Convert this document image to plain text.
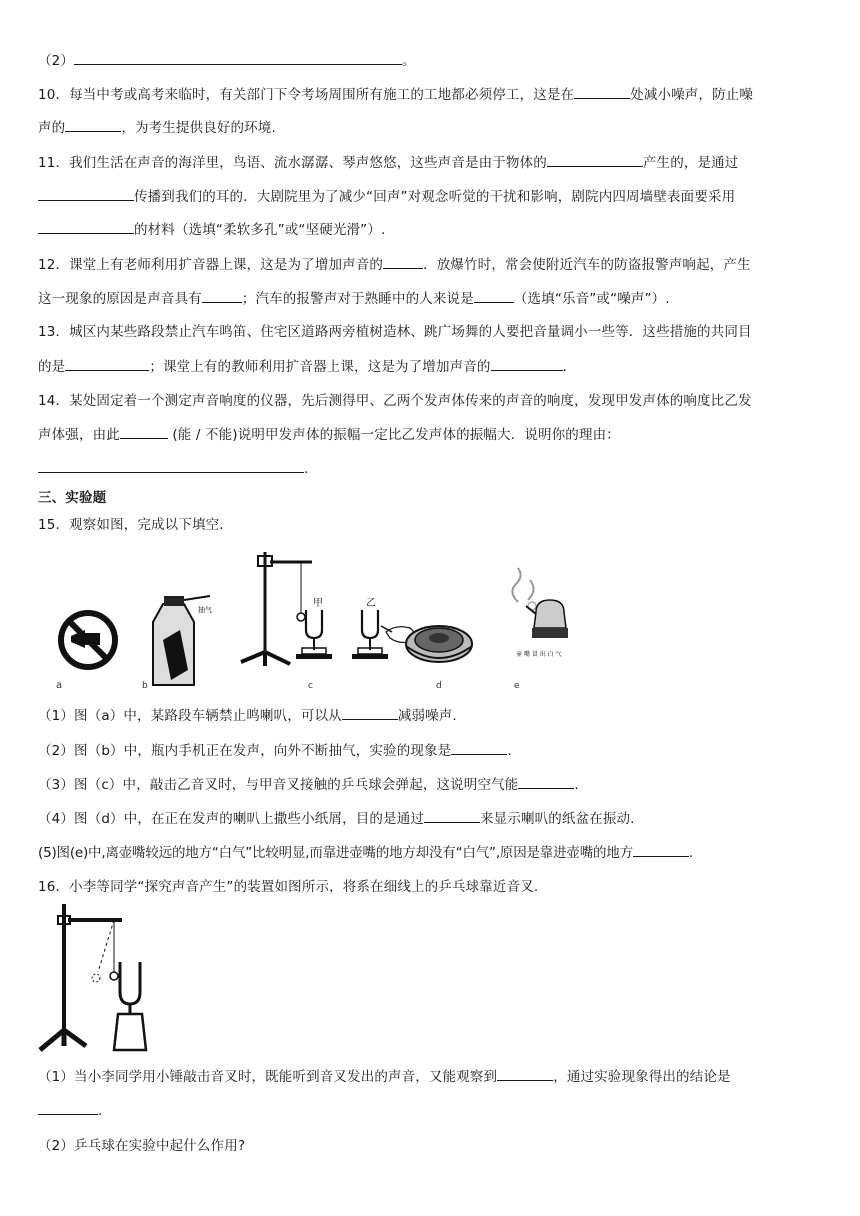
（2）	。
10．每当中考或高考来临时，有关部门下令考场周围所有施工的工地都必须停工，这是在	处减小噪声，防止噪
声的	，为考生提供良好的环境.
11．我们生活在声音的海洋里，鸟语、流水潺潺、琴声悠悠，这些声音是由于物体的	产生的，是通过
传播到我们的耳的．大剧院里为了减少“回声”对观念听觉的干扰和影响，剧院内四周墙壁表面要采用
的材料（选填“柔软多孔”或“坚硬光滑”）.
12．课堂上有老师利用扩音器上课，这是为了增加声音的	．放爆竹时，常会使附近汽车的防盗报警声响起，产生
这一现象的原因是声音具有	；汽车的报警声对于熟睡中的人来说是	（选填“乐音”或“噪声”）.
13．城区内某些路段禁止汽车鸣笛、住宅区道路两旁植树造林、跳广场舞的人要把音量调小一些等．这些措施的共同目
的是	；课堂上有的教师利用扩音器上课，这是为了增加声音的	.
14．某处固定着一个测定声音响度的仪器，先后测得甲、乙两个发声体传来的声音的响度，发现甲发声体的响度比乙发
声体强，由此	(能 / 不能)说明甲发声体的振幅一定比乙发声体的振幅大．说明你的理由：
.
三、实验题
15．观察如图，完成以下填空.
抽气
甲	乙
壶 嘴 冒 出 白 气
a	b	c	d	e
（1）图（a）中，某路段车辆禁止鸣喇叭，可以从	减弱噪声.
（2）图（b）中，瓶内手机正在发声，向外不断抽气，实验的现象是	.
（3）图（c）中，敲击乙音叉时，与甲音叉接触的乒乓球会弹起，这说明空气能	.
（4）图（d）中，在正在发声的喇叭上撒些小纸屑，目的是通过	来显示喇叭的纸盆在振动.
(5)图(e)中,离壶嘴较远的地方“白气”比较明显,而靠进壶嘴的地方却没有“白气”,原因是靠进壶嘴的地方	.
16．小李等同学“探究声音产生”的装置如图所示，将系在细线上的乒乓球靠近音叉.
（1）当小李同学用小锤敲击音叉时，既能听到音叉发出的声音，又能观察到	，通过实验现象得出的结论是
.
（2）乒乓球在实验中起什么作用?
